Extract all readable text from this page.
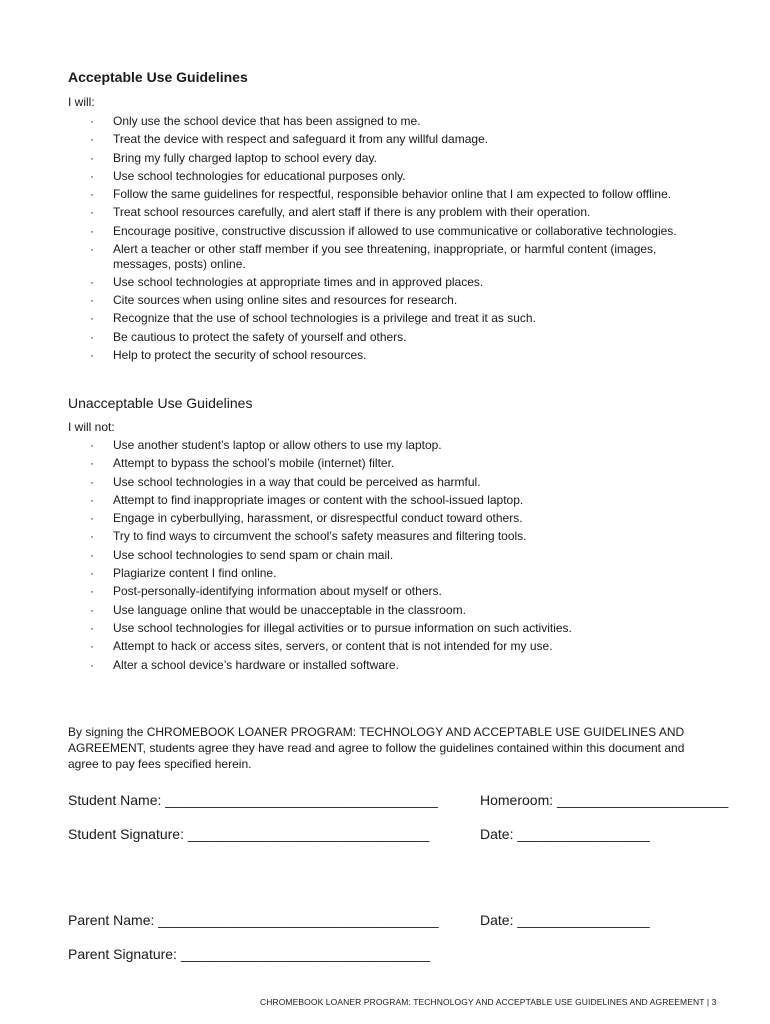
Acceptable Use Guidelines
I will:
· Only use the school device that has been assigned to me.
· Treat the device with respect and safeguard it from any willful damage.
· Bring my fully charged laptop to school every day.
· Use school technologies for educational purposes only.
· Follow the same guidelines for respectful, responsible behavior online that I am expected to follow offline.
· Treat school resources carefully, and alert staff if there is any problem with their operation.
· Encourage positive, constructive discussion if allowed to use communicative or collaborative technologies.
· Alert a teacher or other staff member if you see threatening, inappropriate, or harmful content (images, messages, posts) online.
· Use school technologies at appropriate times and in approved places.
· Cite sources when using online sites and resources for research.
· Recognize that the use of school technologies is a privilege and treat it as such.
· Be cautious to protect the safety of yourself and others.
· Help to protect the security of school resources.
Unacceptable Use Guidelines
I will not:
· Use another student’s laptop or allow others to use my laptop.
· Attempt to bypass the school’s mobile (internet) filter.
· Use school technologies in a way that could be perceived as harmful.
· Attempt to find inappropriate images or content with the school-issued laptop.
· Engage in cyberbullying, harassment, or disrespectful conduct toward others.
· Try to find ways to circumvent the school’s safety measures and filtering tools.
· Use school technologies to send spam or chain mail.
· Plagiarize content I find online.
· Post-personally-identifying information about myself or others.
· Use language online that would be unacceptable in the classroom.
· Use school technologies for illegal activities or to pursue information on such activities.
· Attempt to hack or access sites, servers, or content that is not intended for my use.
· Alter a school device’s hardware or installed software.
By signing the CHROMEBOOK LOANER PROGRAM: TECHNOLOGY AND ACCEPTABLE USE GUIDELINES AND AGREEMENT, students agree they have read and agree to follow the guidelines contained within this document and agree to pay fees specified herein.
Student Name: ___________________________________	Homeroom: ______________________
Student Signature: _______________________________	Date: _________________
Parent Name: ____________________________________	Date: _________________
Parent Signature: ________________________________
CHROMEBOOK LOANER PROGRAM: TECHNOLOGY AND ACCEPTABLE USE GUIDELINES AND AGREEMENT | 3
